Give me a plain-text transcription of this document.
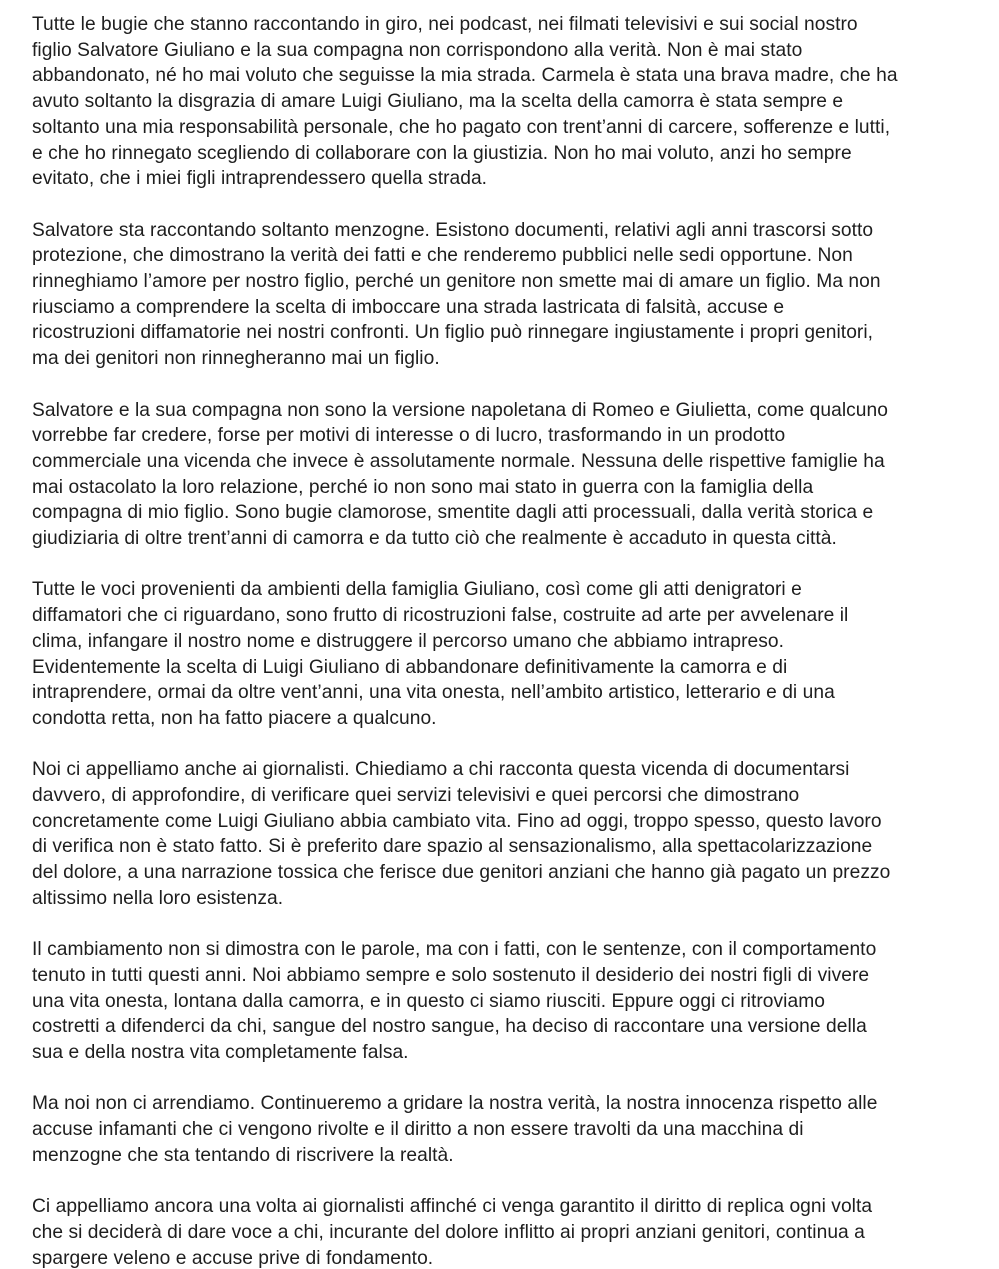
Tutte le bugie che stanno raccontando in giro, nei podcast, nei filmati televisivi e sui social nostro
figlio Salvatore Giuliano e la sua compagna non corrispondono alla verità. Non è mai stato
abbandonato, né ho mai voluto che seguisse la mia strada. Carmela è stata una brava madre, che ha
avuto soltanto la disgrazia di amare Luigi Giuliano, ma la scelta della camorra è stata sempre e
soltanto una mia responsabilità personale, che ho pagato con trent’anni di carcere, sofferenze e lutti,
e che ho rinnegato scegliendo di collaborare con la giustizia. Non ho mai voluto, anzi ho sempre
evitato, che i miei figli intraprendessero quella strada.

Salvatore sta raccontando soltanto menzogne. Esistono documenti, relativi agli anni trascorsi sotto
protezione, che dimostrano la verità dei fatti e che renderemo pubblici nelle sedi opportune. Non
rinneghiamo l’amore per nostro figlio, perché un genitore non smette mai di amare un figlio. Ma non
riusciamo a comprendere la scelta di imboccare una strada lastricata di falsità, accuse e
ricostruzioni diffamatorie nei nostri confronti. Un figlio può rinnegare ingiustamente i propri genitori,
ma dei genitori non rinnegheranno mai un figlio.

Salvatore e la sua compagna non sono la versione napoletana di Romeo e Giulietta, come qualcuno
vorrebbe far credere, forse per motivi di interesse o di lucro, trasformando in un prodotto
commerciale una vicenda che invece è assolutamente normale. Nessuna delle rispettive famiglie ha
mai ostacolato la loro relazione, perché io non sono mai stato in guerra con la famiglia della
compagna di mio figlio. Sono bugie clamorose, smentite dagli atti processuali, dalla verità storica e
giudiziaria di oltre trent’anni di camorra e da tutto ciò che realmente è accaduto in questa città.

Tutte le voci provenienti da ambienti della famiglia Giuliano, così come gli atti denigratori e
diffamatori che ci riguardano, sono frutto di ricostruzioni false, costruite ad arte per avvelenare il
clima, infangare il nostro nome e distruggere il percorso umano che abbiamo intrapreso.
Evidentemente la scelta di Luigi Giuliano di abbandonare definitivamente la camorra e di
intraprendere, ormai da oltre vent’anni, una vita onesta, nell’ambito artistico, letterario e di una
condotta retta, non ha fatto piacere a qualcuno.

Noi ci appelliamo anche ai giornalisti. Chiediamo a chi racconta questa vicenda di documentarsi
davvero, di approfondire, di verificare quei servizi televisivi e quei percorsi che dimostrano
concretamente come Luigi Giuliano abbia cambiato vita. Fino ad oggi, troppo spesso, questo lavoro
di verifica non è stato fatto. Si è preferito dare spazio al sensazionalismo, alla spettacolarizzazione
del dolore, a una narrazione tossica che ferisce due genitori anziani che hanno già pagato un prezzo
altissimo nella loro esistenza.

Il cambiamento non si dimostra con le parole, ma con i fatti, con le sentenze, con il comportamento
tenuto in tutti questi anni. Noi abbiamo sempre e solo sostenuto il desiderio dei nostri figli di vivere
una vita onesta, lontana dalla camorra, e in questo ci siamo riusciti. Eppure oggi ci ritroviamo
costretti a difenderci da chi, sangue del nostro sangue, ha deciso di raccontare una versione della
sua e della nostra vita completamente falsa.

Ma noi non ci arrendiamo. Continueremo a gridare la nostra verità, la nostra innocenza rispetto alle
accuse infamanti che ci vengono rivolte e il diritto a non essere travolti da una macchina di
menzogne che sta tentando di riscrivere la realtà.

Ci appelliamo ancora una volta ai giornalisti affinché ci venga garantito il diritto di replica ogni volta
che si deciderà di dare voce a chi, incurante del dolore inflitto ai propri anziani genitori, continua a
spargere veleno e accuse prive di fondamento.
